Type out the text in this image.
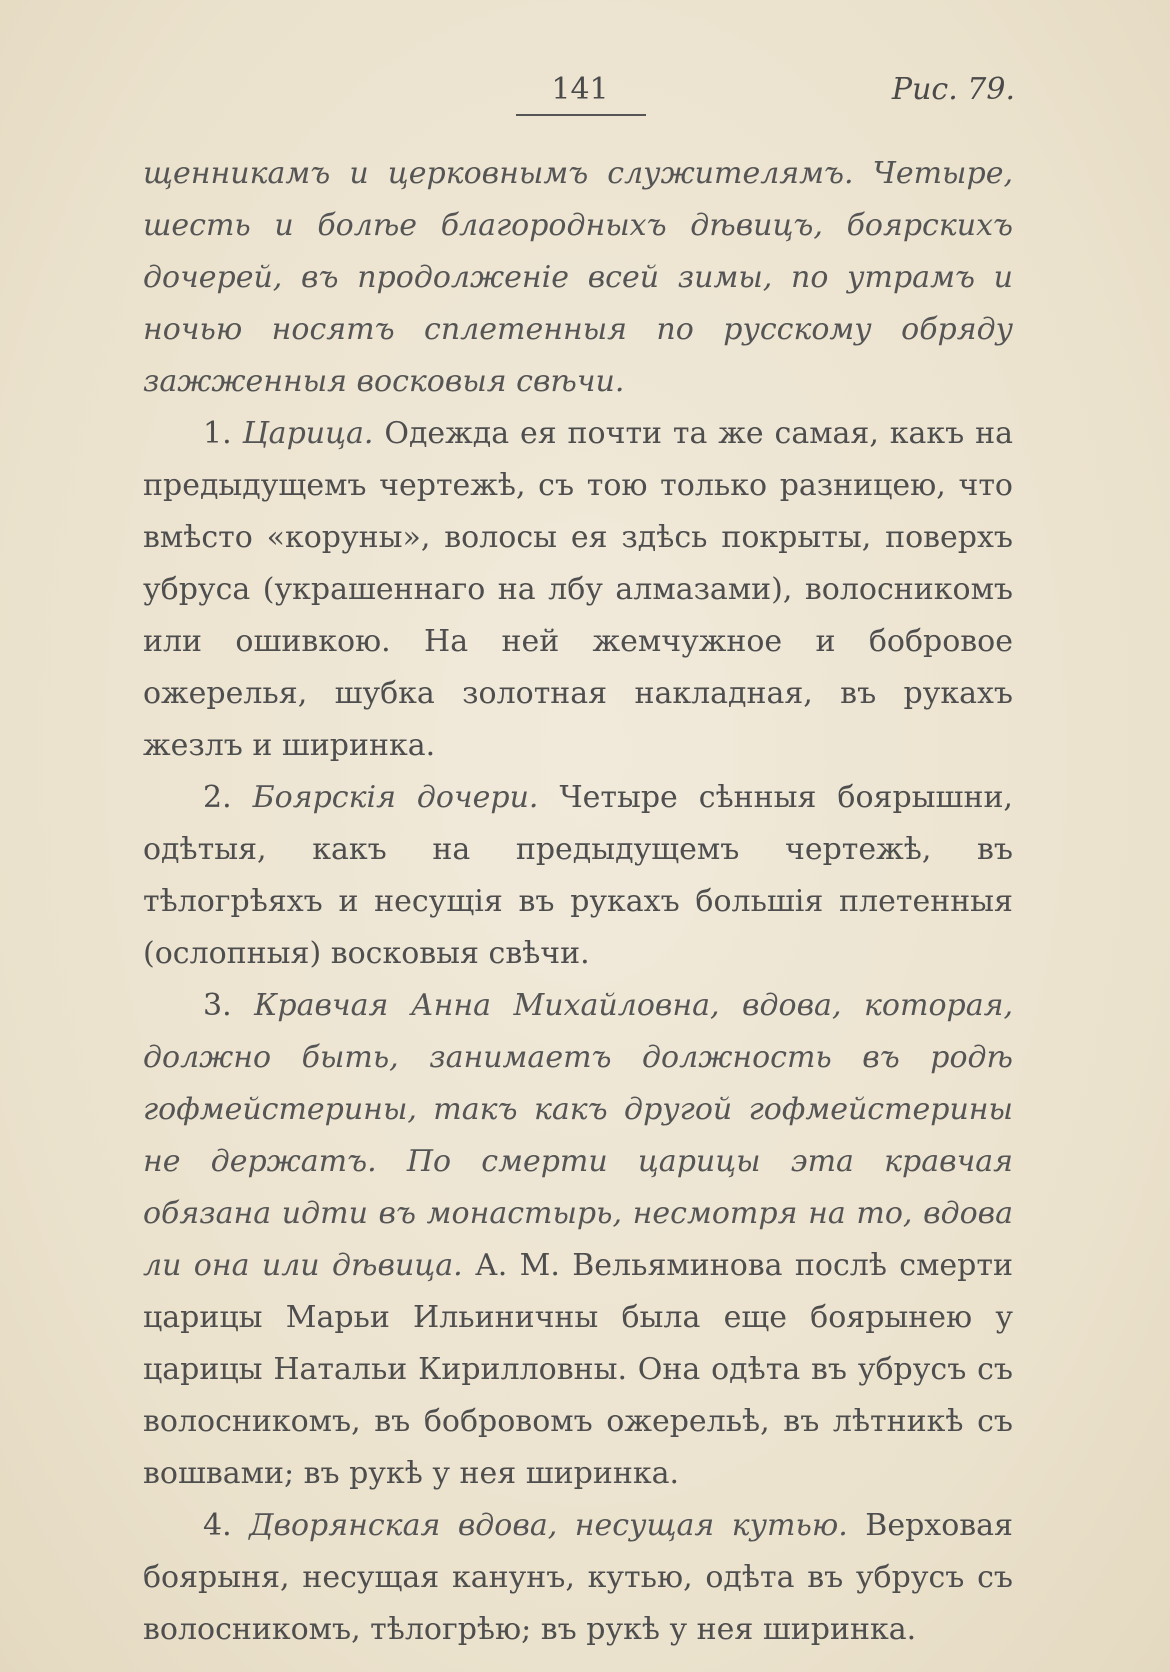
141	Рис. 79.

щенникамъ и церковнымъ служителямъ. Четыре, шесть и болѣе благородныхъ дѣвицъ, боярскихъ дочерей, въ продолженіе всей зимы, по утрамъ и ночью носятъ сплетенныя по русскому обряду зажженныя восковыя свѣчи.

1. Царица. Одежда ея почти та же самая, какъ на предыдущемъ чертежѣ, съ тою только разницею, что вмѣсто «коруны», волосы ея здѣсь покрыты, поверхъ убруса (украшеннаго на лбу алмазами), волосникомъ или ошивкою. На ней жемчужное и бобровое ожерелья, шубка золотная накладная, въ рукахъ жезлъ и ширинка.

2. Боярскія дочери. Четыре сѣнныя боярышни, одѣтыя, какъ на предыдущемъ чертежѣ, въ тѣлогрѣяхъ и несущія въ рукахъ большія плетенныя (ослопныя) восковыя свѣчи.

3. Кравчая Анна Михайловна, вдова, которая, должно быть, занимаетъ должность въ родѣ гофмейстерины, такъ какъ другой гофмейстерины не держатъ. По смерти царицы эта кравчая обязана идти въ монастырь, несмотря на то, вдова ли она или дѣвица. А. М. Вельяминова послѣ смерти царицы Марьи Ильиничны была еще боярынею у царицы Натальи Кирилловны. Она одѣта въ убрусъ съ волосникомъ, въ бобровомъ ожерельѣ, въ лѣтникѣ съ вошвами; въ рукѣ у нея ширинка.

4. Дворянская вдова, несущая кутью. Верховая боярыня, несущая канунъ, кутью, одѣта въ убрусъ съ волосникомъ, тѣлогрѣю; въ рукѣ у нея ширинка.
